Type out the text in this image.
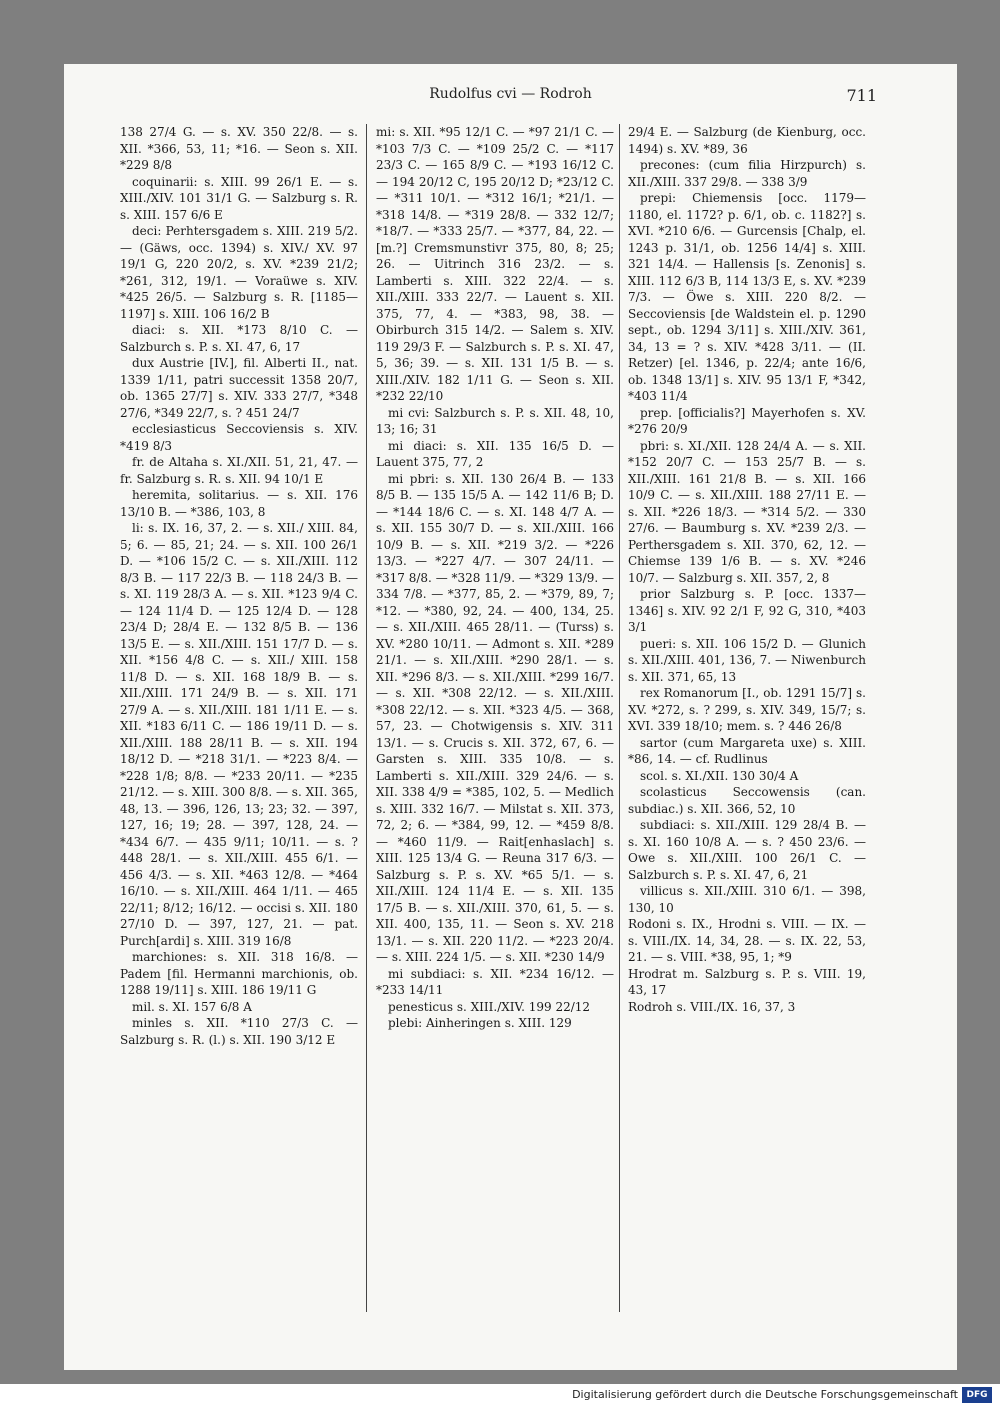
Rudolfus cvi — Rodroh	711

138 27/4 G. — s. XV. 350 22/8. — s. XII. *366, 53, 11; *16. — Seon s. XII. *229 8/8

coquinarii: s. XIII. 99 26/1 E. — s. XIII./XIV. 101 31/1 G. — Salzburg s. R. s. XIII. 157 6/6 E

deci: Perhtersgadem s. XIII. 219 5/2. — (Gäws, occ. 1394) s. XIV./ XV. 97 19/1 G, 220 20/2, s. XV. *239 21/2; *261, 312, 19/1. — Voraüwe s. XIV. *425 26/5. — Salzburg s. R. [1185—1197] s. XIII. 106 16/2 B

diaci: s. XII. *173 8/10 C. — Salzburch s. P. s. XI. 47, 6, 17

dux Austrie [IV.], fil. Alberti II., nat. 1339 1/11, patri successit 1358 20/7, ob. 1365 27/7] s. XIV. 333 27/7, *348 27/6, *349 22/7, s. ? 451 24/7

ecclesiasticus Seccoviensis s. XIV. *419 8/3

fr. de Altaha s. XI./XII. 51, 21, 47. — fr. Salzburg s. R. s. XII. 94 10/1 E

heremita, solitarius. — s. XII. 176 13/10 B. — *386, 103, 8

li: s. IX. 16, 37, 2. — s. XII./ XIII. 84, 5; 6. — 85, 21; 24. — s. XII. 100 26/1 D. — *106 15/2 C. — s. XII./XIII. 112 8/3 B. — 117 22/3 B. — 118 24/3 B. — s. XI. 119 28/3 A. — s. XII. *123 9/4 C. — 124 11/4 D. — 125 12/4 D. — 128 23/4 D; 28/4 E. — 132 8/5 B. — 136 13/5 E. — s. XII./XIII. 151 17/7 D. — s. XII. *156 4/8 C. — s. XII./ XIII. 158 11/8 D. — s. XII. 168 18/9 B. — s. XII./XIII. 171 24/9 B. — s. XII. 171 27/9 A. — s. XII./XIII. 181 1/11 E. — s. XII. *183 6/11 C. — 186 19/11 D. — s. XII./XIII. 188 28/11 B. — s. XII. 194 18/12 D. — *218 31/1. — *223 8/4. — *228 1/8; 8/8. — *233 20/11. — *235 21/12. — s. XIII. 300 8/8. — s. XII. 365, 48, 13. — 396, 126, 13; 23; 32. — 397, 127, 16; 19; 28. — 397, 128, 24. — *434 6/7. — 435 9/11; 10/11. — s. ? 448 28/1. — s. XII./XIII. 455 6/1. — 456 4/3. — s. XII. *463 12/8. — *464 16/10. — s. XII./XIII. 464 1/11. — 465 22/11; 8/12; 16/12. — occisi s. XII. 180 27/10 D. — 397, 127, 21. — pat. Purch[ardi] s. XIII. 319 16/8

marchiones: s. XII. 318 16/8. — Padem [fil. Hermanni marchionis, ob. 1288 19/11] s. XIII. 186 19/11 G

mil. s. XI. 157 6/8 A

minles s. XII. *110 27/3 C. — Salzburg s. R. (l.) s. XII. 190 3/12 E

mi: s. XII. *95 12/1 C. — *97 21/1 C. — *103 7/3 C. — *109 25/2 C. — *117 23/3 C. — 165 8/9 C. — *193 16/12 C. — 194 20/12 C, 195 20/12 D; *23/12 C. — *311 10/1. — *312 16/1; *21/1. — *318 14/8. — *319 28/8. — 332 12/7; *18/7. — *333 25/7. — *377, 84, 22. — [m.?] Cremsmunstivr 375, 80, 8; 25; 26. — Uitrinch 316 23/2. — s. Lamberti s. XIII. 322 22/4. — s. XII./XIII. 333 22/7. — Lauent s. XII. 375, 77, 4. — *383, 98, 38. — Obirburch 315 14/2. — Salem s. XIV. 119 29/3 F. — Salzburch s. P. s. XI. 47, 5, 36; 39. — s. XII. 131 1/5 B. — s. XIII./XIV. 182 1/11 G. — Seon s. XII. *232 22/10

mi cvi: Salzburch s. P. s. XII. 48, 10, 13; 16; 31

mi diaci: s. XII. 135 16/5 D. — Lauent 375, 77, 2

mi pbri: s. XII. 130 26/4 B. — 133 8/5 B. — 135 15/5 A. — 142 11/6 B; D. — *144 18/6 C. — s. XI. 148 4/7 A. — s. XII. 155 30/7 D. — s. XII./XIII. 166 10/9 B. — s. XII. *219 3/2. — *226 13/3. — *227 4/7. — 307 24/11. — *317 8/8. — *328 11/9. — *329 13/9. — 334 7/8. — *377, 85, 2. — *379, 89, 7; *12. — *380, 92, 24. — 400, 134, 25. — s. XII./XIII. 465 28/11. — (Turss) s. XV. *280 10/11. — Admont s. XII. *289 21/1. — s. XII./XIII. *290 28/1. — s. XII. *296 8/3. — s. XII./XIII. *299 16/7. — s. XII. *308 22/12. — s. XII./XIII. *308 22/12. — s. XII. *323 4/5. — 368, 57, 23. — Chotwigensis s. XIV. 311 13/1. — s. Crucis s. XII. 372, 67, 6. — Garsten s. XIII. 335 10/8. — s. Lamberti s. XII./XIII. 329 24/6. — s. XII. 338 4/9 = *385, 102, 5. — Medlich s. XIII. 332 16/7. — Milstat s. XII. 373, 72, 2; 6. — *384, 99, 12. — *459 8/8. — *460 11/9. — Rait[enhaslach] s. XIII. 125 13/4 G. — Reuna 317 6/3. — Salzburg s. P. s. XV. *65 5/1. — s. XII./XIII. 124 11/4 E. — s. XII. 135 17/5 B. — s. XII./XIII. 370, 61, 5. — s. XII. 400, 135, 11. — Seon s. XV. 218 13/1. — s. XII. 220 11/2. — *223 20/4. — s. XIII. 224 1/5. — s. XII. *230 14/9

mi subdiaci: s. XII. *234 16/12. — *233 14/11

penesticus s. XIII./XIV. 199 22/12

plebi: Ainheringen s. XIII. 129

29/4 E. — Salzburg (de Kienburg, occ. 1494) s. XV. *89, 36

precones: (cum filia Hirzpurch) s. XII./XIII. 337 29/8. — 338 3/9

prepi: Chiemensis [occ. 1179— 1180, el. 1172? p. 6/1, ob. c. 1182?] s. XVI. *210 6/6. — Gurcensis [Chalp, el. 1243 p. 31/1, ob. 1256 14/4] s. XIII. 321 14/4. — Hallensis [s. Zenonis] s. XIII. 112 6/3 B, 114 13/3 E, s. XV. *239 7/3. — Öwe s. XIII. 220 8/2. — Seccoviensis [de Waldstein el. p. 1290 sept., ob. 1294 3/11] s. XIII./XIV. 361, 34, 13 = ? s. XIV. *428 3/11. — (II. Retzer) [el. 1346, p. 22/4; ante 16/6, ob. 1348 13/1] s. XIV. 95 13/1 F, *342, *403 11/4

prep. [officialis?] Mayerhofen s. XV. *276 20/9

pbri: s. XI./XII. 128 24/4 A. — s. XII. *152 20/7 C. — 153 25/7 B. — s. XII./XIII. 161 21/8 B. — s. XII. 166 10/9 C. — s. XII./XIII. 188 27/11 E. — s. XII. *226 18/3. — *314 5/2. — 330 27/6. — Baumburg s. XV. *239 2/3. — Perthersgadem s. XII. 370, 62, 12. — Chiemse 139 1/6 B. — s. XV. *246 10/7. — Salzburg s. XII. 357, 2, 8

prior Salzburg s. P. [occ. 1337— 1346] s. XIV. 92 2/1 F, 92 G, 310, *403 3/1

pueri: s. XII. 106 15/2 D. — Glunich s. XII./XIII. 401, 136, 7. — Niwenburch s. XII. 371, 65, 13

rex Romanorum [I., ob. 1291 15/7] s. XV. *272, s. ? 299, s. XIV. 349, 15/7; s. XVI. 339 18/10; mem. s. ? 446 26/8

sartor (cum Margareta uxe) s. XIII. *86, 14. — cf. Rudlinus

scol. s. XI./XII. 130 30/4 A

scolasticus Seccowensis (can. subdiac.) s. XII. 366, 52, 10

subdiaci: s. XII./XIII. 129 28/4 B. — s. XI. 160 10/8 A. — s. ? 450 23/6. — Owe s. XII./XIII. 100 26/1 C. — Salzburch s. P. s. XI. 47, 6, 21

villicus s. XII./XIII. 310 6/1. — 398, 130, 10

Rodoni s. IX., Hrodni s. VIII. — IX. — s. VIII./IX. 14, 34, 28. — s. IX. 22, 53, 21. — s. VIII. *38, 95, 1; *9

Hrodrat m. Salzburg s. P. s. VIII. 19, 43, 17

Rodroh s. VIII./IX. 16, 37, 3

Digitalisierung gefördert durch die Deutsche Forschungsgemeinschaft DFG
